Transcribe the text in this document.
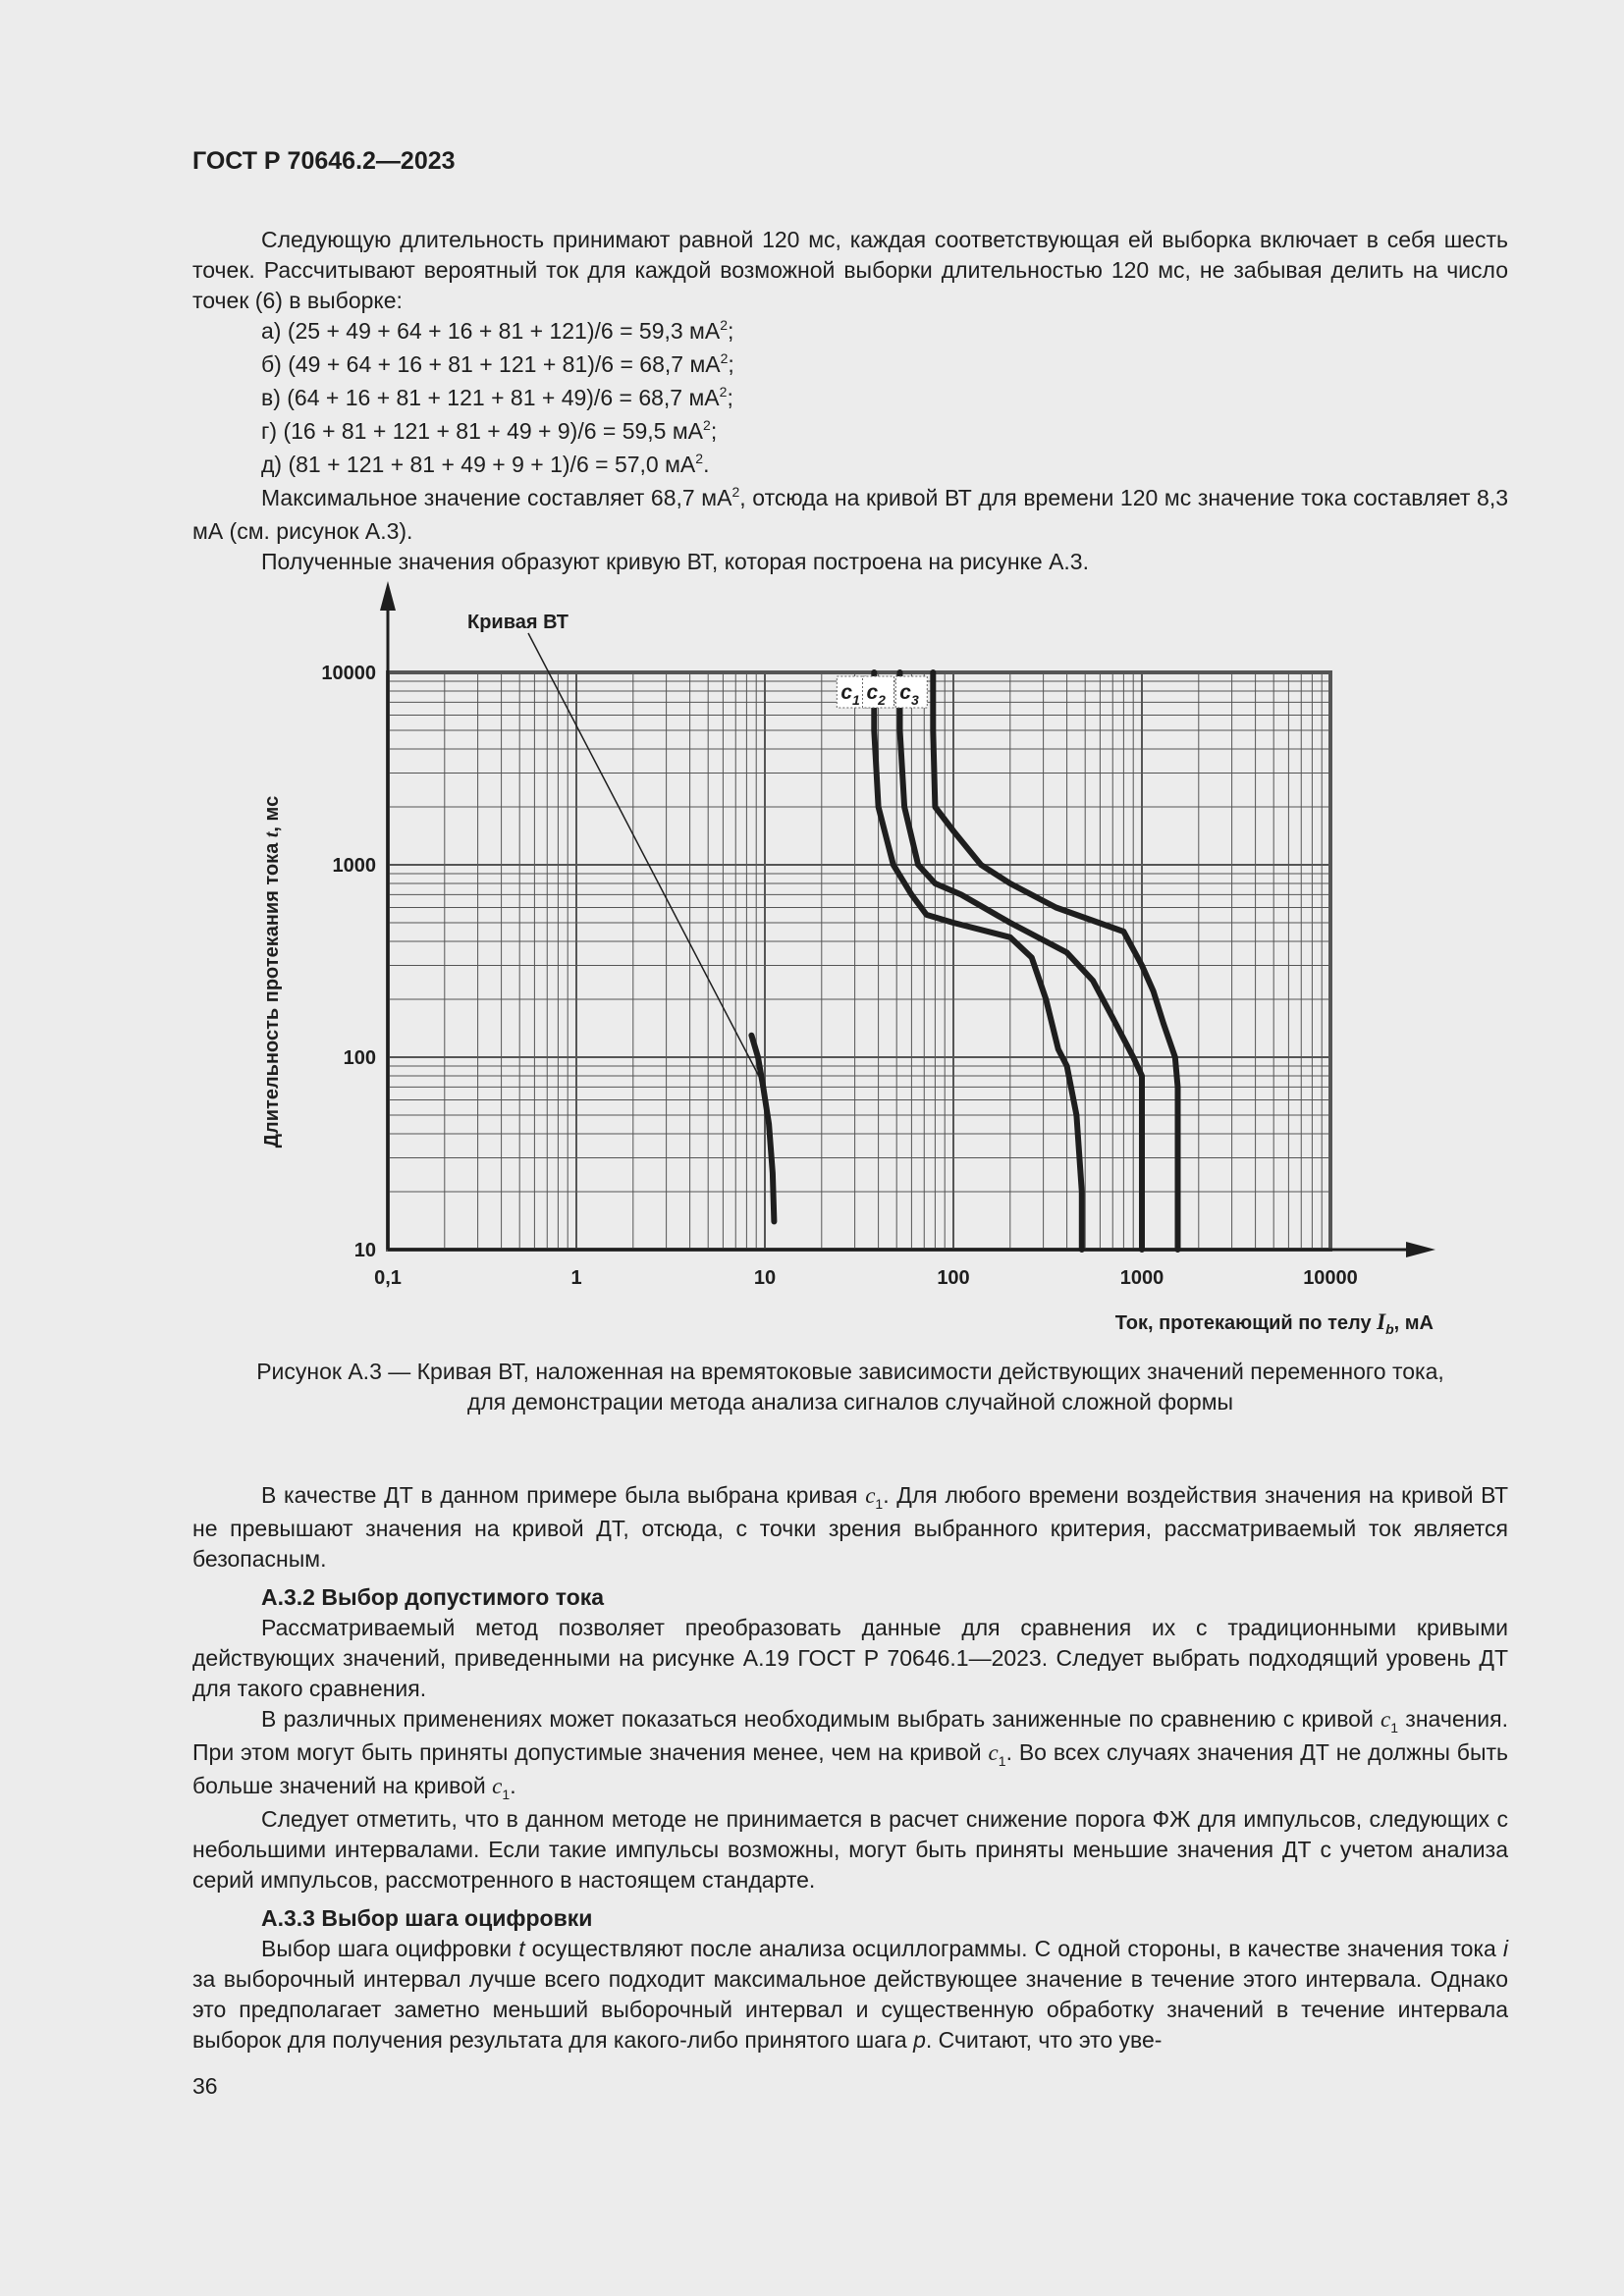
ГОСТ Р 70646.2—2023

Следующую длительность принимают равной 120 мс, каждая соответствующая ей выборка включает в себя шесть точек. Рассчитывают вероятный ток для каждой возможной выборки длительностью 120 мс, не забывая делить на число точек (6) в выборке:

а) (25 + 49 + 64 + 16 + 81 + 121)/6 = 59,3 $мА^2$;

б) (49 + 64 + 16 + 81 + 121 + 81)/6 = 68,7 $мА^2$;

в) (64 + 16 + 81 + 121 + 81 + 49)/6 = 68,7 $мА^2$;

г) (16 + 81 + 121 + 81 + 49 + 9)/6 = 59,5 $мА^2$;

д) (81 + 121 + 81 + 49 + 9 + 1)/6 = 57,0 $мА^2$.

Максимальное значение составляет 68,7 $мА^2$, отсюда на кривой ВТ для времени 120 мс значение тока составляет 8,3 мА (см. рисунок А.3).

Полученные значения образуют кривую ВТ, которая построена на рисунке А.3.

10
100
1000
10000
0,1	1	10	100	1000	10000
Кривая ВТ
$c_1$ $c_2$ $c_3$
Длительность протекания тока t, мс
Ток, протекающий по телу $I_b$, мА
Рисунок А.3 — Кривая ВТ, наложенная на времятоковые зависимости действующих значений переменного тока,
для демонстрации метода анализа сигналов случайной сложной формы

В качестве ДТ в данном примере была выбрана кривая $c_1$. Для любого времени воздействия значения на кривой ВТ не превышают значения на кривой ДТ, отсюда, с точки зрения выбранного критерия, рассматриваемый ток является безопасным.

А.3.2 Выбор допустимого тока

Рассматриваемый метод позволяет преобразовать данные для сравнения их с традиционными кривыми действующих значений, приведенными на рисунке А.19 ГОСТ Р 70646.1—2023. Следует выбрать подходящий уровень ДТ для такого сравнения.

В различных применениях может показаться необходимым выбрать заниженные по сравнению с кривой $c_1$ значения. При этом могут быть приняты допустимые значения менее, чем на кривой $c_1$. Во всех случаях значения ДТ не должны быть больше значений на кривой $c_1$.

Следует отметить, что в данном методе не принимается в расчет снижение порога ФЖ для импульсов, следующих с небольшими интервалами. Если такие импульсы возможны, могут быть приняты меньшие значения ДТ с учетом анализа серий импульсов, рассмотренного в настоящем стандарте.

А.3.3 Выбор шага оцифровки

Выбор шага оцифровки t осуществляют после анализа осциллограммы. С одной стороны, в качестве значения тока i за выборочный интервал лучше всего подходит максимальное действующее значение в течение этого интервала. Однако это предполагает заметно меньший выборочный интервал и существенную обработку значений в течение интервала выборок для получения результата для какого-либо принятого шага p. Считают, что это уве-

36
